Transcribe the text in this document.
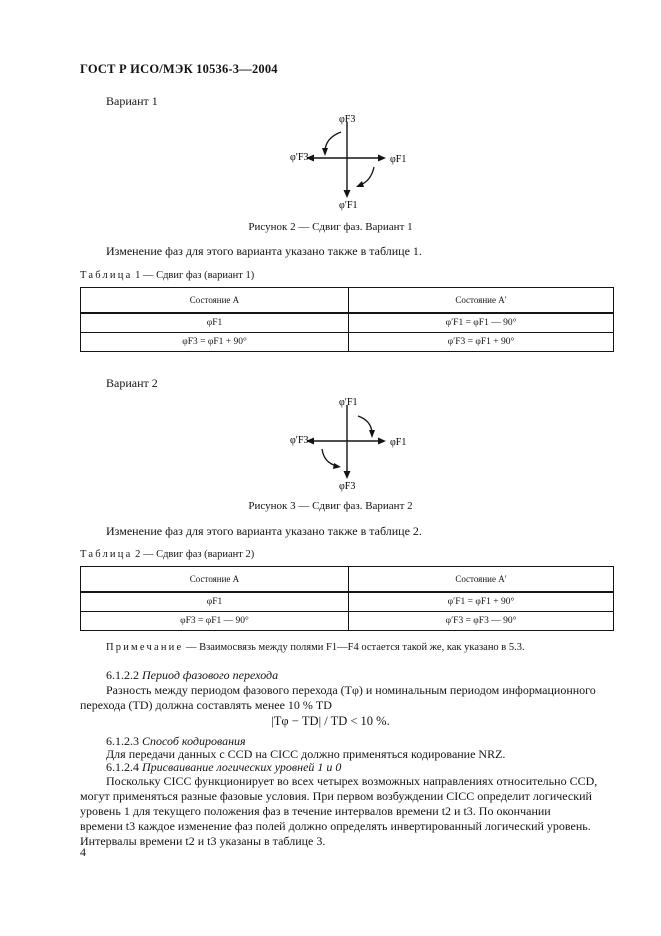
ГОСТ Р ИСО/МЭК 10536-3—2004
Вариант 1
φF3
φF1
φ′F3
φ′F1
Рисунок 2 — Сдвиг фаз. Вариант 1
Изменение фаз для этого варианта указано также в таблице 1.
Таблица 1 — Сдвиг фаз (вариант 1)
Состояние A	Состояние A′
φF1	φ′F1 = φF1 — 90°
φF3 = φF1 + 90°	φ′F3 = φF1 + 90°
Вариант 2
φ′F1
φF1
φ′F3
φF3
Рисунок 3 — Сдвиг фаз. Вариант 2
Изменение фаз для этого варианта указано также в таблице 2.
Таблица 2 — Сдвиг фаз (вариант 2)
Состояние A	Состояние A′
φF1	φ′F1 = φF1 + 90°
φF3 = φF1 — 90°	φ′F3 = φF3 — 90°
Примечание — Взаимосвязь между полями F1—F4 остается такой же, как указано в 5.3.
6.1.2.2 Период фазового перехода
Разность между периодом фазового перехода (Tφ) и номинальным периодом информационного
перехода (TD) должна составлять менее 10 % TD
|Tφ − TD| / TD < 10 %.
6.1.2.3 Способ кодирования
Для передачи данных с CCD на CICC должно применяться кодирование NRZ.
6.1.2.4 Присваивание логических уровней 1 и 0
Поскольку CICC функционирует во всех четырех возможных направлениях относительно CCD,
могут применяться разные фазовые условия. При первом возбуждении CICC определит логический
уровень 1 для текущего положения фаз в течение интервалов времени t2 и t3. По окончании
времени t3 каждое изменение фаз полей должно определять инвертированный логический уровень.
Интервалы времени t2 и t3 указаны в таблице 3.
4
